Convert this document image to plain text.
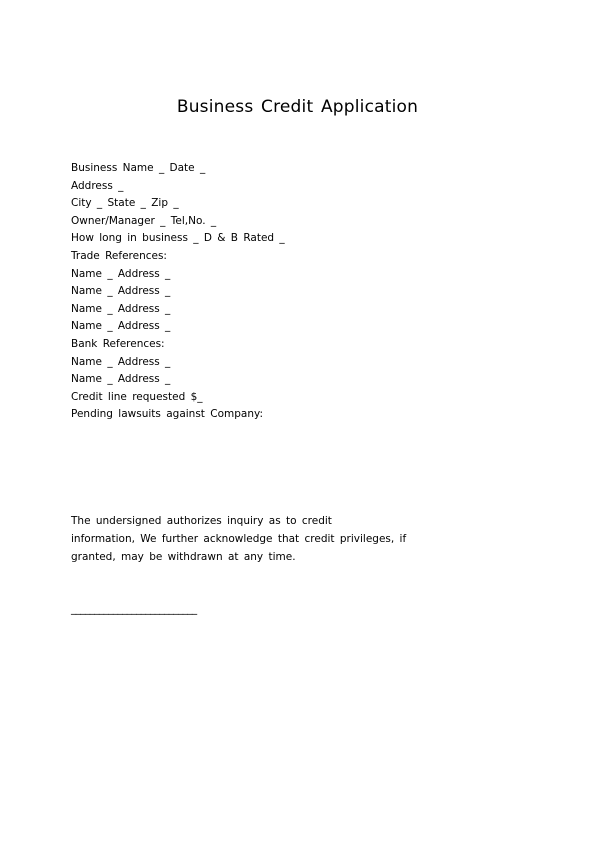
Business Credit Application
Business Name _ Date _
Address _
City _ State _ Zip _
Owner/Manager _ Tel,No. _
How long in business _ D & B Rated _
Trade References:
Name _ Address _
Name _ Address _
Name _ Address _
Name _ Address _
Bank References:
Name _ Address _
Name _ Address _
Credit line requested $_
Pending lawsuits against Company:
The undersigned authorizes inquiry as to credit
information, We further acknowledge that credit privileges, if
granted, may be withdrawn at any time.
___________________________
